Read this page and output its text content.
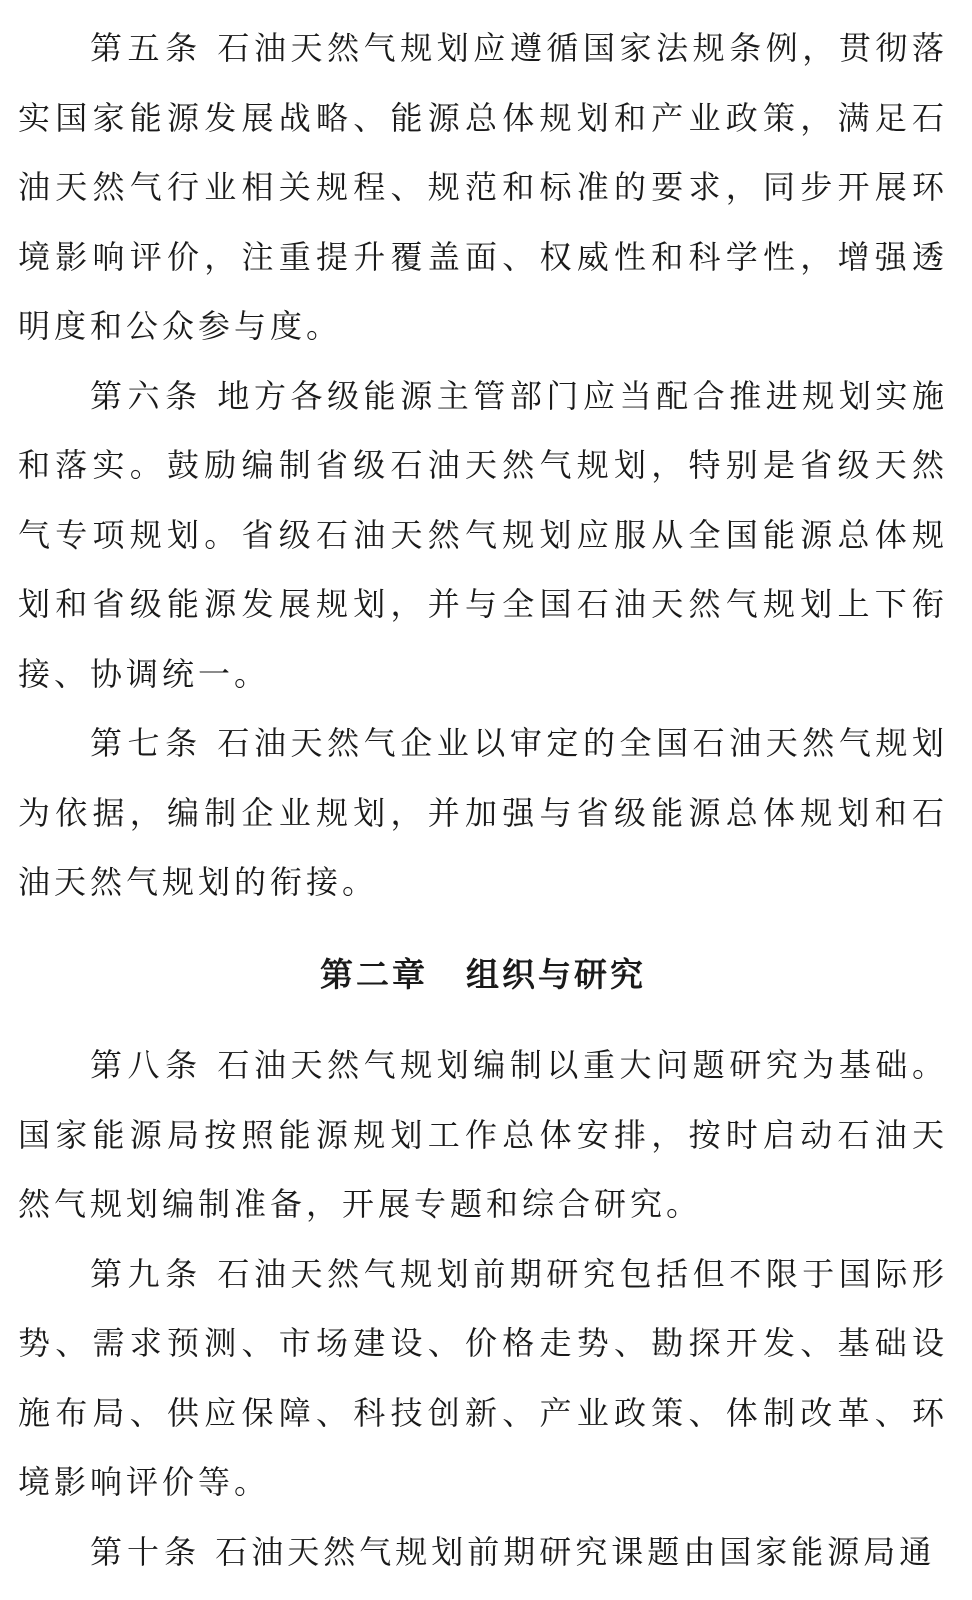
第五条 石油天然气规划应遵循国家法规条例，贯彻落实国家能源发展战略、能源总体规划和产业政策，满足石油天然气行业相关规程、规范和标准的要求，同步开展环境影响评价，注重提升覆盖面、权威性和科学性，增强透明度和公众参与度。

第六条 地方各级能源主管部门应当配合推进规划实施和落实。鼓励编制省级石油天然气规划，特别是省级天然气专项规划。省级石油天然气规划应服从全国能源总体规划和省级能源发展规划，并与全国石油天然气规划上下衔接、协调统一。

第七条 石油天然气企业以审定的全国石油天然气规划为依据，编制企业规划，并加强与省级能源总体规划和石油天然气规划的衔接。

第二章 组织与研究

第八条 石油天然气规划编制以重大问题研究为基础。国家能源局按照能源规划工作总体安排，按时启动石油天然气规划编制准备，开展专题和综合研究。

第九条 石油天然气规划前期研究包括但不限于国际形势、需求预测、市场建设、价格走势、勘探开发、基础设施布局、供应保障、科技创新、产业政策、体制改革、环境影响评价等。

第十条 石油天然气规划前期研究课题由国家能源局通
